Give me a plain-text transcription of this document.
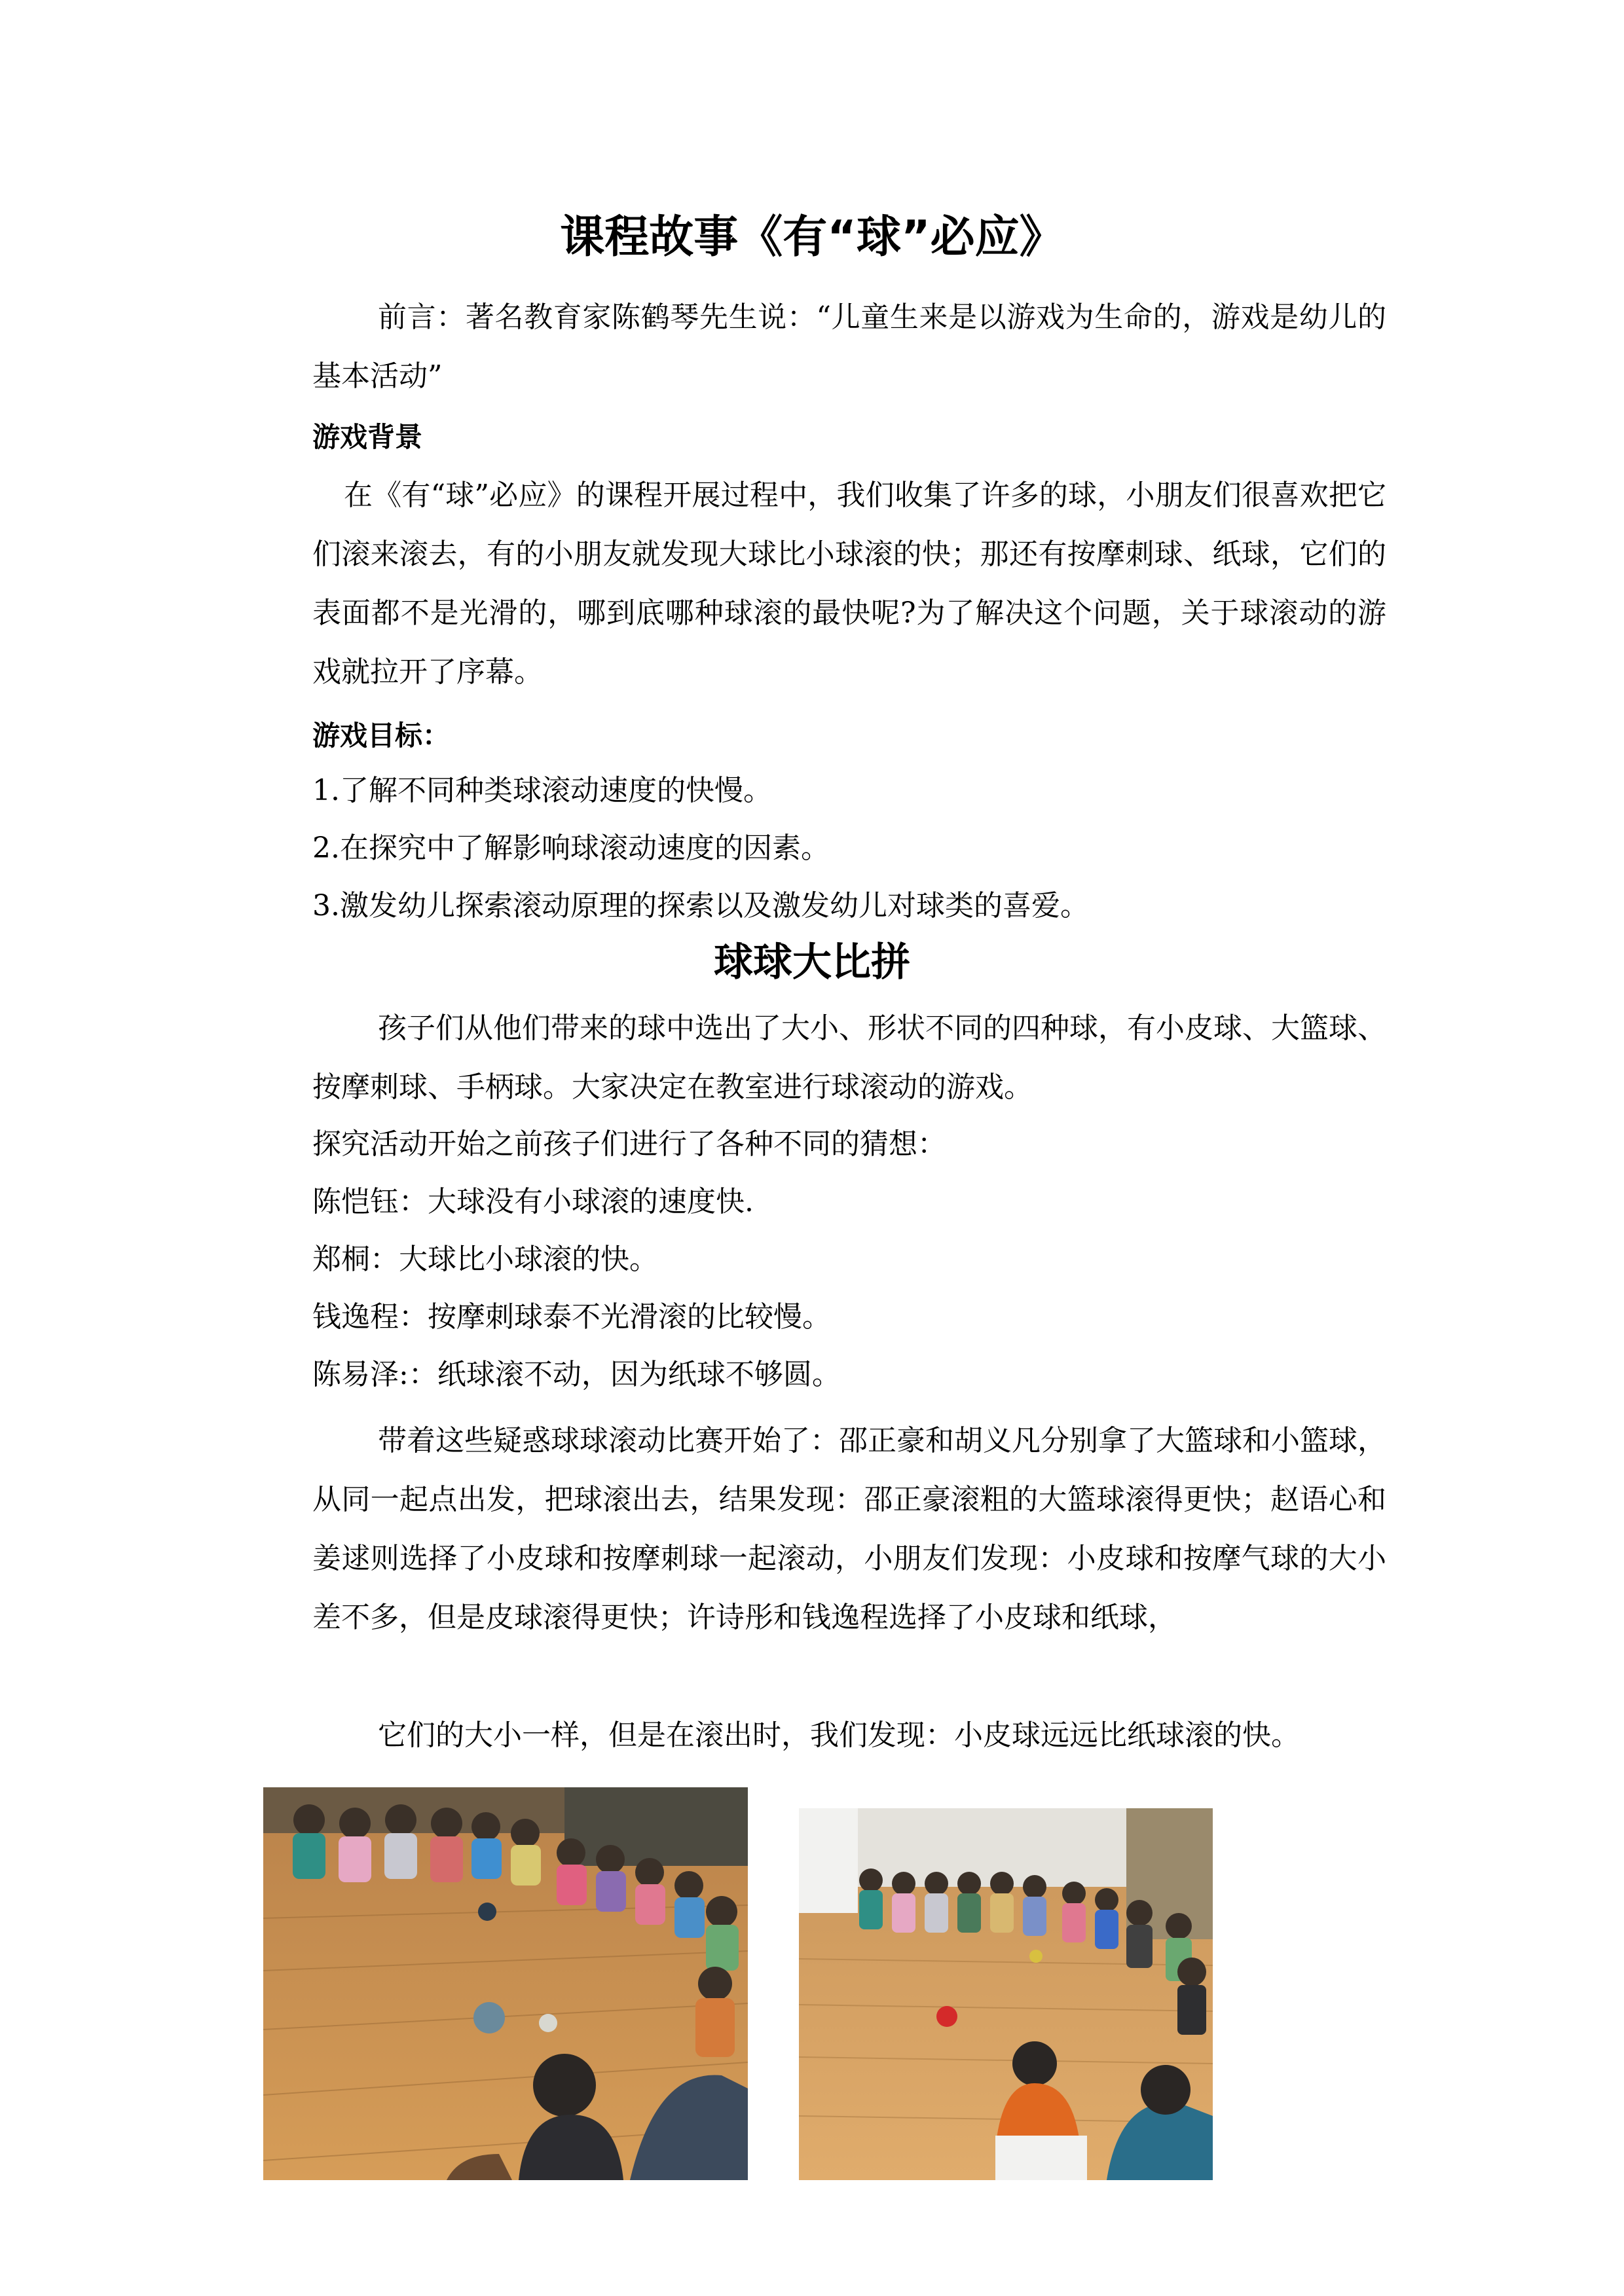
课程故事《有“球”必应》

前言：著名教育家陈鹤琴先生说：“儿童生来是以游戏为生命的，游戏是幼儿的基本活动”

游戏背景

在《有“球”必应》的课程开展过程中，我们收集了许多的球，小朋友们很喜欢把它们滚来滚去，有的小朋友就发现大球比小球滚的快；那还有按摩刺球、纸球，它们的表面都不是光滑的，哪到底哪种球滚的最快呢?为了解决这个问题，关于球滚动的游戏就拉开了序幕。

游戏目标：
1.了解不同种类球滚动速度的快慢。
2.在探究中了解影响球滚动速度的因素。
3.激发幼儿探索滚动原理的探索以及激发幼儿对球类的喜爱。
球球大比拼

孩子们从他们带来的球中选出了大小、形状不同的四种球，有小皮球、大篮球、按摩刺球、手柄球。大家决定在教室进行球滚动的游戏。

探究活动开始之前孩子们进行了各种不同的猜想：
陈恺钰：大球没有小球滚的速度快.
郑桐：大球比小球滚的快。
钱逸程：按摩刺球泰不光滑滚的比较慢。
陈易泽:：纸球滚不动，因为纸球不够圆。

带着这些疑惑球球滚动比赛开始了：邵正豪和胡义凡分别拿了大篮球和小篮球，从同一起点出发，把球滚出去，结果发现：邵正豪滚粗的大篮球滚得更快；赵语心和姜逑则选择了小皮球和按摩刺球一起滚动，小朋友们发现：小皮球和按摩气球的大小差不多，但是皮球滚得更快；许诗彤和钱逸程选择了小皮球和纸球，

它们的大小一样，但是在滚出时，我们发现：小皮球远远比纸球滚的快。
